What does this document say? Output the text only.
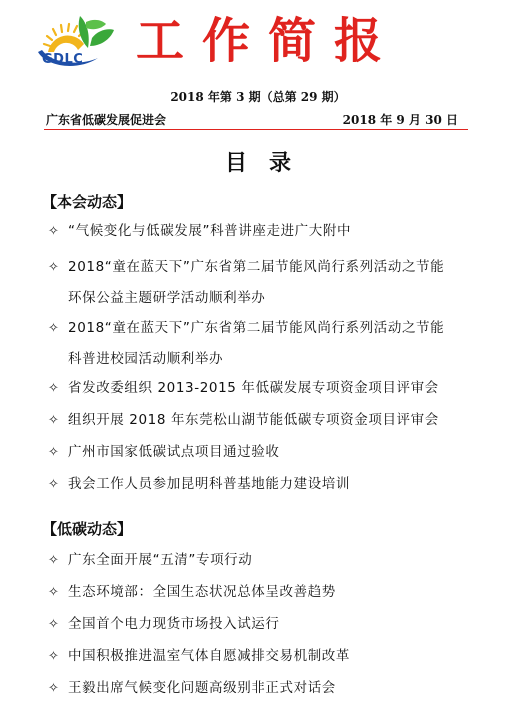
GDLC 工作简报
2018 年第 3 期（总第 29 期）
广东省低碳发展促进会	2018 年 9 月 30 日
目录
【本会动态】
✧ “气候变化与低碳发展”科普讲座走进广大附中
✧ 2018“童在蓝天下”广东省第二届节能风尚行系列活动之节能
环保公益主题研学活动顺利举办
✧ 2018“童在蓝天下”广东省第二届节能风尚行系列活动之节能
科普进校园活动顺利举办
✧ 省发改委组织 2013-2015 年低碳发展专项资金项目评审会
✧ 组织开展 2018 年东莞松山湖节能低碳专项资金项目评审会
✧ 广州市国家低碳试点项目通过验收
✧ 我会工作人员参加昆明科普基地能力建设培训
【低碳动态】
✧ 广东全面开展“五清”专项行动
✧ 生态环境部：全国生态状况总体呈改善趋势
✧ 全国首个电力现货市场投入试运行
✧ 中国积极推进温室气体自愿减排交易机制改革
✧ 王毅出席气候变化问题高级别非正式对话会
